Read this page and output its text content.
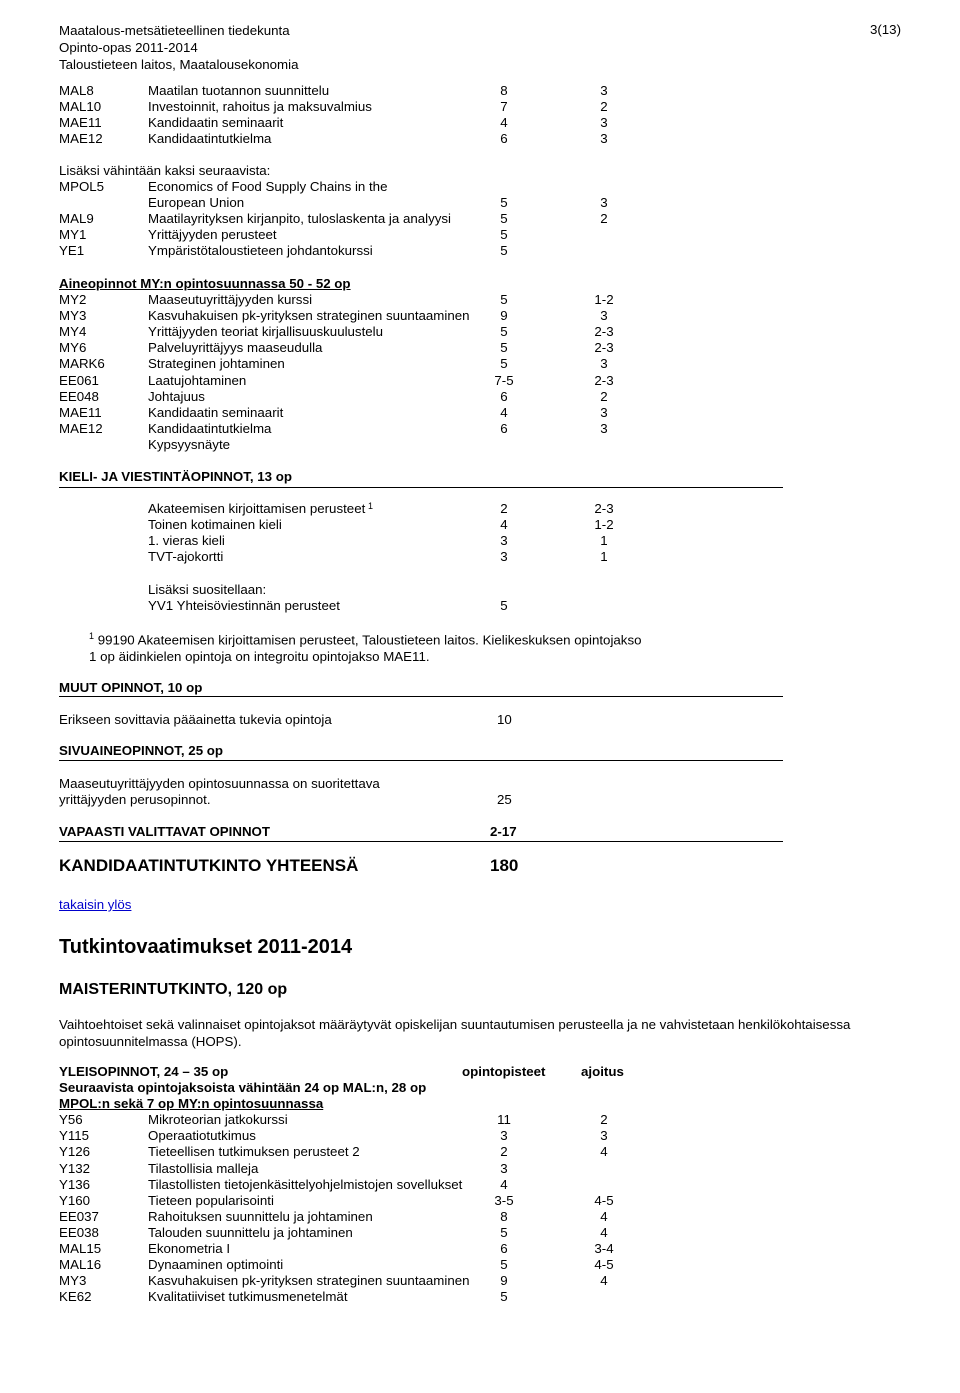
Maatalous-metsätieteellinen tiedekunta
Opinto-opas 2011-2014
Taloustieteen laitos, Maatalousekonomia
3(13)
MAL8	Maatilan tuotannon suunnittelu	8	3
MAL10	Investoinnit, rahoitus ja maksuvalmius	7	2
MAE11	Kandidaatin seminaarit	4	3
MAE12	Kandidaatintutkielma	6	3
Lisäksi vähintään kaksi seuraavista:
MPOL5	Economics of Food Supply Chains in the
European Union	5	3
MAL9	Maatilayrityksen kirjanpito, tuloslaskenta ja analyysi	5	2
MY1	Yrittäjyyden perusteet	5
YE1	Ympäristötaloustieteen johdantokurssi	5
Aineopinnot MY:n opintosuunnassa 50 - 52 op
MY2	Maaseutuyrittäjyyden kurssi	5	1-2
MY3	Kasvuhakuisen pk-yrityksen strateginen suuntaaminen	9	3
MY4	Yrittäjyyden teoriat kirjallisuuskuulustelu	5	2-3
MY6	Palveluyrittäjyys maaseudulla	5	2-3
MARK6	Strateginen johtaminen	5	3
EE061	Laatujohtaminen	7-5	2-3
EE048	Johtajuus	6	2
MAE11	Kandidaatin seminaarit	4	3
MAE12	Kandidaatintutkielma	6	3
Kypsyysnäyte
KIELI- JA VIESTINTÄOPINNOT, 13 op
Akateemisen kirjoittamisen perusteet 1	2	2-3
Toinen kotimainen kieli	4	1-2
1. vieras kieli	3	1
TVT-ajokortti	3	1
Lisäksi suositellaan:
YV1 Yhteisöviestinnän perusteet	5
$^1$ 99190 Akateemisen kirjoittamisen perusteet, Taloustieteen laitos. Kielikeskuksen opintojakso
1 op äidinkielen opintoja on integroitu opintojakso MAE11.
MUUT OPINNOT, 10 op
Erikseen sovittavia pääainetta tukevia opintoja	10
SIVUAINEOPINNOT, 25 op
Maaseutuyrittäjyyden opintosuunnassa on suoritettava
yrittäjyyden perusopinnot.	25
VAPAASTI VALITTAVAT OPINNOT	2-17
KANDIDAATINTUTKINTO YHTEENSÄ	180
takaisin ylös
Tutkintovaatimukset 2011-2014
MAISTERINTUTKINTO, 120 op
Vaihtoehtoiset sekä valinnaiset opintojaksot määräytyvät opiskelijan suuntautumisen perusteella ja ne vahvistetaan henkilökohtaisessa
opintosuunnitelmassa (HOPS).
YLEISOPINNOT, 24 – 35 op	opintopisteet	ajoitus
Seuraavista opintojaksoista vähintään 24 op MAL:n, 28 op
MPOL:n sekä 7 op MY:n opintosuunnassa
Y56	Mikroteorian jatkokurssi	11	2
Y115	Operaatiotutkimus	3	3
Y126	Tieteellisen tutkimuksen perusteet 2	2	4
Y132	Tilastollisia malleja	3
Y136	Tilastollisten tietojenkäsittelyohjelmistojen sovellukset	4
Y160	Tieteen popularisointi	3-5	4-5
EE037	Rahoituksen suunnittelu ja johtaminen	8	4
EE038	Talouden suunnittelu ja johtaminen	5	4
MAL15	Ekonometria I	6	3-4
MAL16	Dynaaminen optimointi	5	4-5
MY3	Kasvuhakuisen pk-yrityksen strateginen suuntaaminen	9	4
KE62	Kvalitatiiviset tutkimusmenetelmät	5
